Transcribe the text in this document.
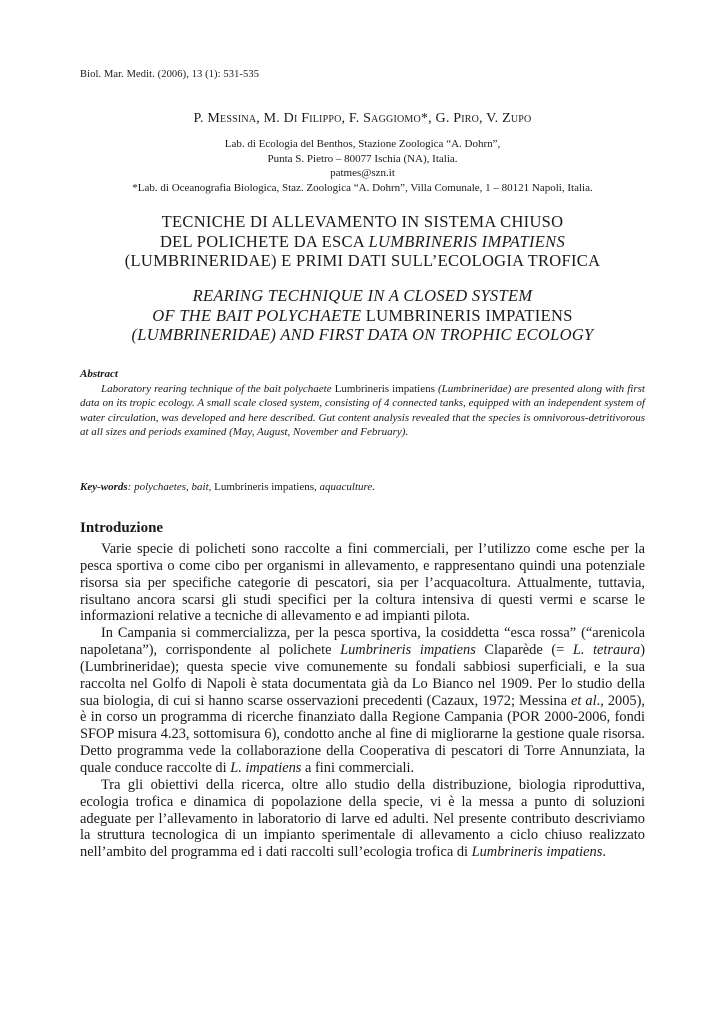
Biol. Mar. Medit. (2006), 13 (1): 531-535
P. Messina, M. Di Filippo, F. Saggiomo*, G. Piro, V. Zupo
Lab. di Ecologia del Benthos, Stazione Zoologica “A. Dohrn”,
Punta S. Pietro – 80077 Ischia (NA), Italia.
patmes@szn.it
*Lab. di Oceanografia Biologica, Staz. Zoologica “A. Dohrn”, Villa Comunale, 1 – 80121 Napoli, Italia.
TECNICHE DI ALLEVAMENTO IN SISTEMA CHIUSO
DEL POLICHETE DA ESCA LUMBRINERIS IMPATIENS
(LUMBRINERIDAE) E PRIMI DATI SULL’ECOLOGIA TROFICA
REARING TECHNIQUE IN A CLOSED SYSTEM
OF THE BAIT POLYCHAETE LUMBRINERIS IMPATIENS
(LUMBRINERIDAE) AND FIRST DATA ON TROPHIC ECOLOGY
Abstract

Laboratory rearing technique of the bait polychaete Lumbrineris impatiens (Lumbrineridae) are presented along with first data on its tropic ecology. A small scale closed system, consisting of 4 connected tanks, equipped with an independent system of water circulation, was developed and here described. Gut content analysis revealed that the species is omnivorous-detritivorous at all sizes and periods examined (May, August, November and February).

Key-words: polychaetes, bait, Lumbrineris impatiens, aquaculture.
Introduzione

Varie specie di policheti sono raccolte a fini commerciali, per l’utilizzo come esche per la pesca sportiva o come cibo per organismi in allevamento, e rappresentano quindi una potenziale risorsa sia per specifiche categorie di pescatori, sia per l’acquacoltura. Attualmente, tuttavia, risultano ancora scarsi gli studi specifici per la coltura intensiva di questi vermi e scarse le informazioni relative a tecniche di allevamento e ad impianti pilota.

In Campania si commercializza, per la pesca sportiva, la cosiddetta “esca rossa” (“arenicola napoletana”), corrispondente al polichete Lumbrineris impatiens Claparède (= L. tetraura) (Lumbrineridae); questa specie vive comunemente su fondali sabbiosi superficiali, e la sua raccolta nel Golfo di Napoli è stata documentata già da Lo Bianco nel 1909. Per lo studio della sua biologia, di cui si hanno scarse osservazioni precedenti (Cazaux, 1972; Messina et al., 2005), è in corso un programma di ricerche finanziato dalla Regione Campania (POR 2000-2006, fondi SFOP misura 4.23, sottomisura 6), condotto anche al fine di migliorarne la gestione quale risorsa. Detto programma vede la collaborazione della Cooperativa di pescatori di Torre Annunziata, la quale conduce raccolte di L. impatiens a fini commerciali.

Tra gli obiettivi della ricerca, oltre allo studio della distribuzione, biologia riproduttiva, ecologia trofica e dinamica di popolazione della specie, vi è la messa a punto di soluzioni adeguate per l’allevamento in laboratorio di larve ed adulti. Nel presente contributo descriviamo la struttura tecnologica di un impianto sperimentale di allevamento a ciclo chiuso realizzato nell’ambito del programma ed i dati raccolti sull’ecologia trofica di Lumbrineris impatiens.
